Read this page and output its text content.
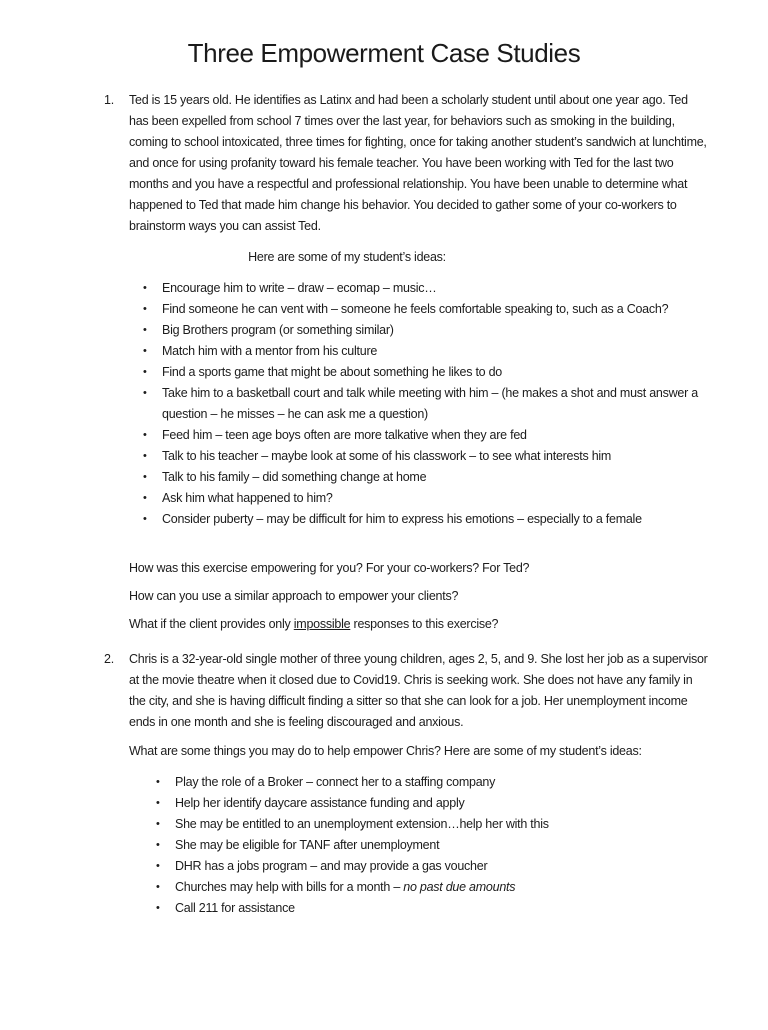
Three Empowerment Case Studies
1.	Ted is 15 years old. He identifies as Latinx and had been a scholarly student until about one year ago. Ted has been expelled from school 7 times over the last year, for behaviors such as smoking in the building, coming to school intoxicated, three times for fighting, once for taking another student’s sandwich at lunchtime, and once for using profanity toward his female teacher. You have been working with Ted for the last two months and you have a respectful and professional relationship. You have been unable to determine what happened to Ted that made him change his behavior. You decided to gather some of your co-workers to brainstorm ways you can assist Ted.

Here are some of my student’s ideas:

•	Encourage him to write – draw – ecomap – music…
•	Find someone he can vent with – someone he feels comfortable speaking to, such as a Coach?
•	Big Brothers program (or something similar)
•	Match him with a mentor from his culture
•	Find a sports game that might be about something he likes to do
•	Take him to a basketball court and talk while meeting with him – (he makes a shot and must answer a question – he misses – he can ask me a question)
•	Feed him – teen age boys often are more talkative when they are fed
•	Talk to his teacher – maybe look at some of his classwork – to see what interests him
•	Talk to his family – did something change at home
•	Ask him what happened to him?
•	Consider puberty – may be difficult for him to express his emotions – especially to a female

How was this exercise empowering for you? For your co-workers? For Ted?

How can you use a similar approach to empower your clients?

What if the client provides only impossible responses to this exercise?

2.	Chris is a 32-year-old single mother of three young children, ages 2, 5, and 9. She lost her job as a supervisor at the movie theatre when it closed due to Covid19. Chris is seeking work. She does not have any family in the city, and she is having difficult finding a sitter so that she can look for a job. Her unemployment income ends in one month and she is feeling discouraged and anxious.

What are some things you may do to help empower Chris? Here are some of my student’s ideas:

•	Play the role of a Broker – connect her to a staffing company
•	Help her identify daycare assistance funding and apply
•	She may be entitled to an unemployment extension…help her with this
•	She may be eligible for TANF after unemployment
•	DHR has a jobs program – and may provide a gas voucher
•	Churches may help with bills for a month – no past due amounts
•	Call 211 for assistance
